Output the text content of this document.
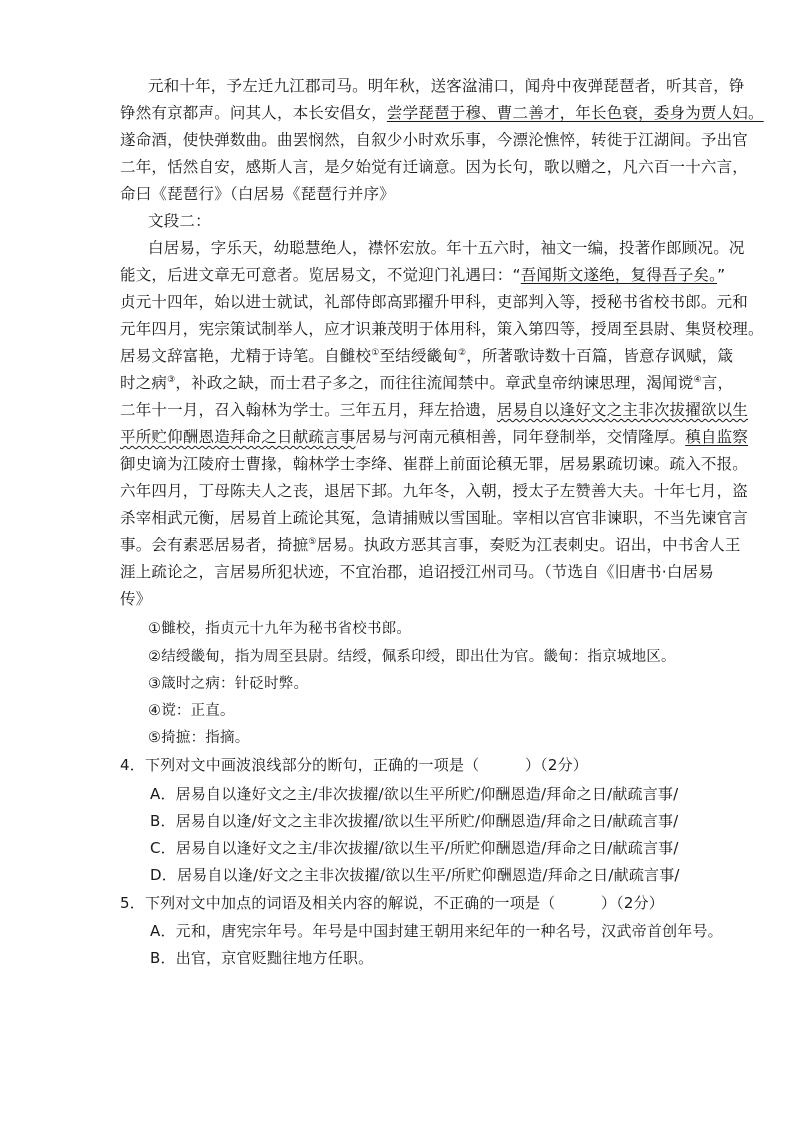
元和十年，予左迁九江郡司马。明年秋，送客湓浦口，闻舟中夜弹琵琶者，听其音，铮
铮然有京都声。问其人，本长安倡女，尝学琵琶于穆、曹二善才，年长色衰，委身为贾人妇。
遂命酒，使快弹数曲。曲罢悯然，自叙少小时欢乐事，今漂沦憔悴，转徙于江湖间。予出官
二年，恬然自安，感斯人言，是夕始觉有迁谪意。因为长句，歌以赠之，凡六百一十六言，
命曰《琵琶行》（白居易《琵琶行并序》
文段二：
白居易，字乐天，幼聪慧绝人，襟怀宏放。年十五六时，袖文一编，投著作郎顾况。况
能文，后进文章无可意者。览居易文，不觉迎门礼遇曰：“吾闻斯文遂绝，复得吾子矣。”
贞元十四年，始以进士就试，礼部侍郎高郢擢升甲科，吏部判入等，授秘书省校书郎。元和
元年四月，宪宗策试制举人，应才识兼茂明于体用科，策入第四等，授周至县尉、集贤校理。
居易文辞富艳，尤精于诗笔。自雠校①至结绶畿甸②，所著歌诗数十百篇，皆意存讽赋，箴
时之病③，补政之缺，而士君子多之，而往往流闻禁中。章武皇帝纳谏思理，渴闻谠④言，
二年十一月，召入翰林为学士。三年五月，拜左拾遗，居易自以逢好文之主非次拔擢欲以生
平所贮仰酬恩造拜命之日献疏言事居易与河南元稹相善，同年登制举，交情隆厚。稹自监察
御史谪为江陵府士曹掾，翰林学士李绛、崔群上前面论稹无罪，居易累疏切谏。疏入不报。
六年四月，丁母陈夫人之丧，退居下邽。九年冬，入朝，授太子左赞善大夫。十年七月，盗
杀宰相武元衡，居易首上疏论其冤，急请捕贼以雪国耻。宰相以宫官非谏职，不当先谏官言
事。会有素恶居易者，掎摭⑤居易。执政方恶其言事，奏贬为江表刺史。诏出，中书舍人王
涯上疏论之，言居易所犯状迹，不宜治郡，追诏授江州司马。（节选自《旧唐书·白居易
传》
①雠校，指贞元十九年为秘书省校书郎。
②结绶畿甸，指为周至县尉。结绶，佩系印绶，即出仕为官。畿甸：指京城地区。
③箴时之病：针砭时弊。
④谠：正直。
⑤掎摭：指摘。
4．下列对文中画波浪线部分的断句，正确的一项是（　　　）（2分）
A．居易自以逢好文之主/非次拔擢/欲以生平所贮/仰酬恩造/拜命之日/献疏言事/
B．居易自以逢/好文之主非次拔擢/欲以生平所贮/仰酬恩造/拜命之日/献疏言事/
C．居易自以逢好文之主/非次拔擢/欲以生平/所贮仰酬恩造/拜命之日/献疏言事/
D．居易自以逢/好文之主非次拔擢/欲以生平/所贮仰酬恩造/拜命之日/献疏言事/
5．下列对文中加点的词语及相关内容的解说，不正确的一项是（　　　）（2分）
A．元和，唐宪宗年号。年号是中国封建王朝用来纪年的一种名号，汉武帝首创年号。
B．出官，京官贬黜往地方任职。
